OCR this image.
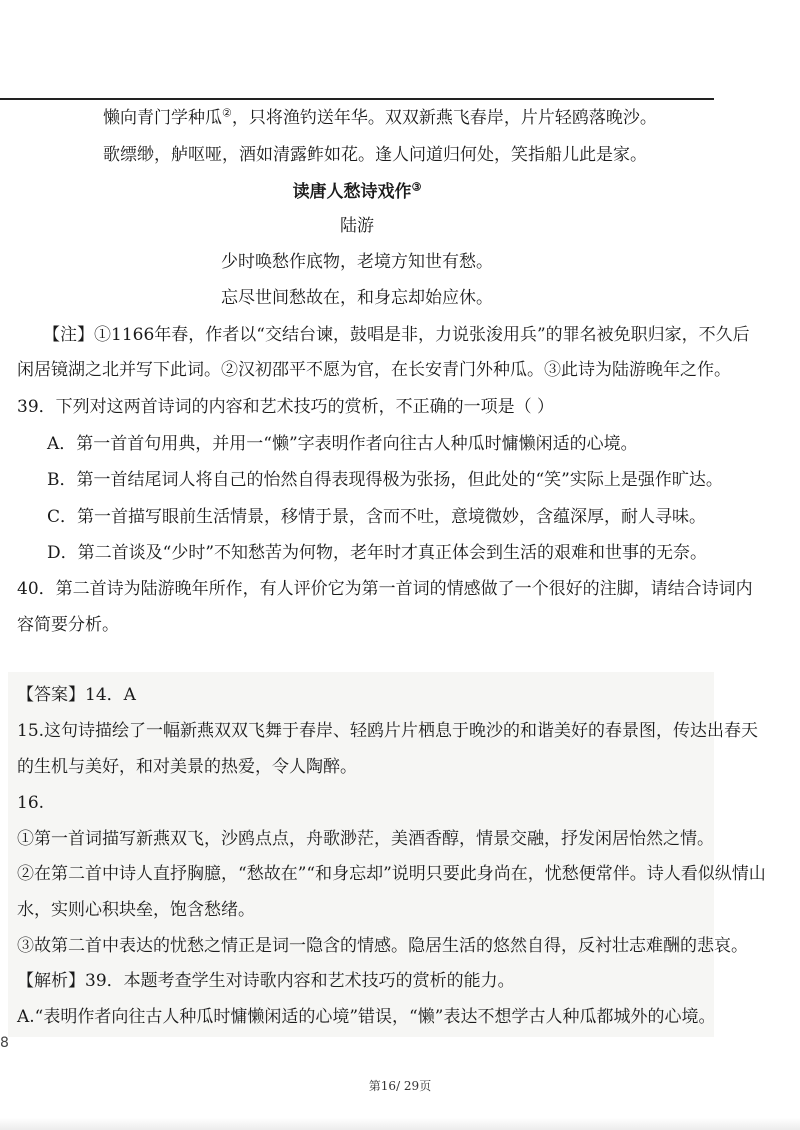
懒向青门学种瓜②，只将渔钓送年华。双双新燕飞春岸，片片轻鸥落晚沙。
歌缥缈，舻呕哑，酒如清露鲊如花。逢人问道归何处，笑指船儿此是家。
读唐人愁诗戏作③
陆游
少时唤愁作底物，老境方知世有愁。
忘尽世间愁故在，和身忘却始应休。
【注】①1166年春，作者以“交结台谏，鼓唱是非，力说张浚用兵”的罪名被免职归家，不久后
闲居镜湖之北并写下此词。②汉初邵平不愿为官，在长安青门外种瓜。③此诗为陆游晚年之作。
39．下列对这两首诗词的内容和艺术技巧的赏析，不正确的一项是（ ）
A．第一首首句用典，并用一“懒”字表明作者向往古人种瓜时慵懒闲适的心境。
B．第一首结尾词人将自己的怡然自得表现得极为张扬，但此处的“笑”实际上是强作旷达。
C．第一首描写眼前生活情景，移情于景，含而不吐，意境微妙，含蕴深厚，耐人寻味。
D．第二首谈及“少时”不知愁苦为何物，老年时才真正体会到生活的艰难和世事的无奈。
40．第二首诗为陆游晚年所作，有人评价它为第一首词的情感做了一个很好的注脚，请结合诗词内
容简要分析。
【答案】14．A
15.这句诗描绘了一幅新燕双双飞舞于春岸、轻鸥片片栖息于晚沙的和谐美好的春景图，传达出春天
的生机与美好，和对美景的热爱，令人陶醉。
16.
①第一首词描写新燕双飞，沙鸥点点，舟歌渺茫，美酒香醇，情景交融，抒发闲居怡然之情。
②在第二首中诗人直抒胸臆，“愁故在”“和身忘却”说明只要此身尚在，忧愁便常伴。诗人看似纵情山
水，实则心积块垒，饱含愁绪。
③故第二首中表达的忧愁之情正是词一隐含的情感。隐居生活的悠然自得，反衬壮志难酬的悲哀。
【解析】39．本题考查学生对诗歌内容和艺术技巧的赏析的能力。
A.“表明作者向往古人种瓜时慵懒闲适的心境”错误，“懒”表达不想学古人种瓜都城外的心境。
8
第16/ 29页
